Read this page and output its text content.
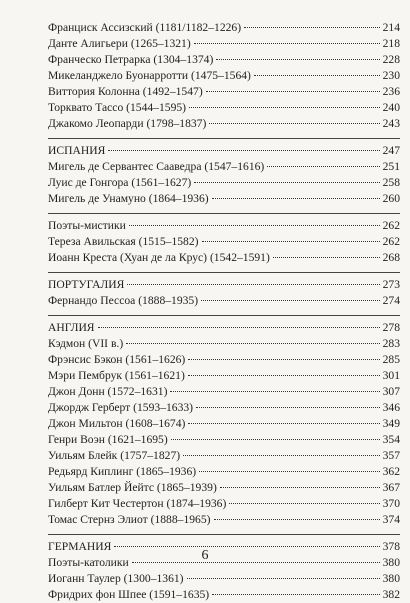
Франциск Ассизский (1181/1182–1226)	214
Данте Алигьери (1265–1321)	218
Франческо Петрарка (1304–1374)	228
Микеланджело Буонарротти (1475–1564)	230
Виттория Колонна (1492–1547)	236
Торквато Тассо (1544–1595)	240
Джакомо Леопарди (1798–1837)	243
ИСПАНИЯ	247
Мигель де Сервантес Сааведра (1547–1616)	251
Луис де Гонгора (1561–1627)	258
Мигель де Унамуно (1864–1936)	260
Поэты-мистики	262
Тереза Авильская (1515–1582)	262
Иоанн Креста (Хуан де ла Крус) (1542–1591)	268
ПОРТУГАЛИЯ	273
Фернандо Пессоа (1888–1935)	274
АНГЛИЯ	278
Кэдмон (VII в.)	283
Фрэнсис Бэкон (1561–1626)	285
Мэри Пембрук (1561–1621)	301
Джон Донн (1572–1631)	307
Джордж Герберт (1593–1633)	346
Джон Мильтон (1608–1674)	349
Генри Воэн (1621–1695)	354
Уильям Блейк (1757–1827)	357
Редьярд Киплинг (1865–1936)	362
Уильям Батлер Йейтс (1865–1939)	367
Гилберт Кит Честертон (1874–1936)	370
Томас Стернз Элиот (1888–1965)	374
ГЕРМАНИЯ	378
Поэты-католики	380
Иоганн Таулер (1300–1361)	380
Фридрих фон Шпее (1591–1635)	382
6
